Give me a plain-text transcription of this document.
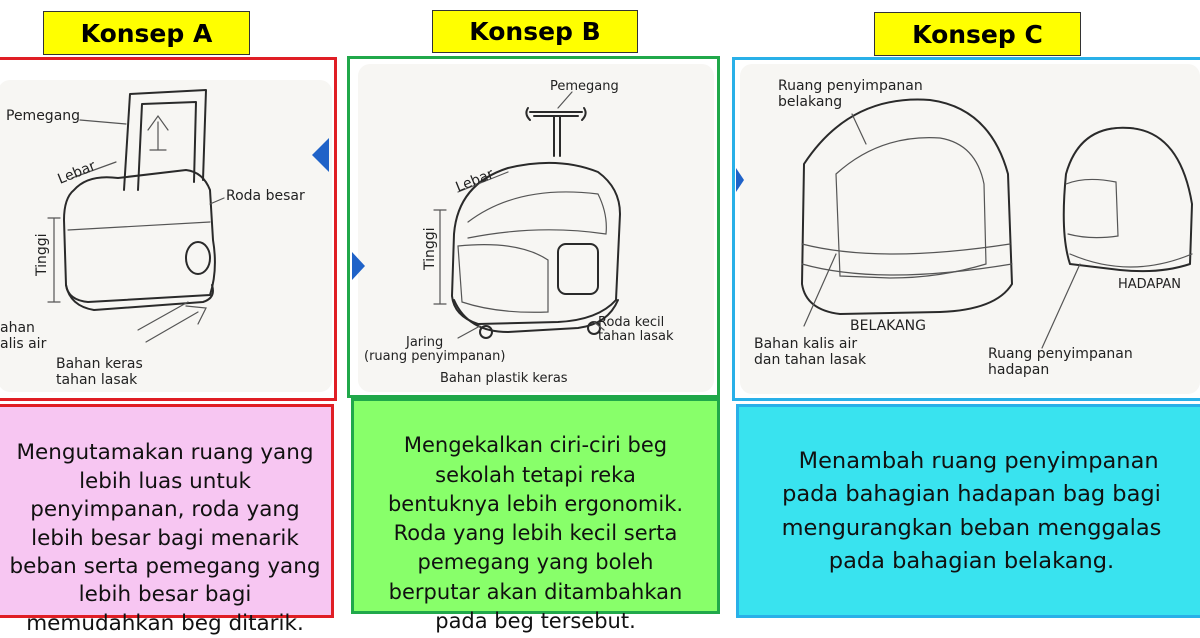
Konsep A
Pemegang
Lebar
Tinggi
Roda besar
Bahan keras
tahan lasak
ahan
alis air

Mengutamakan ruang yang
lebih luas untuk
penyimpanan, roda yang
lebih besar bagi menarik
beban serta pemegang yang
lebih besar bagi
memudahkan beg ditarik.

Konsep B
Pemegang
Lebar
Tinggi
Roda kecil
tahan lasak
Jaring
(ruang penyimpanan)
Bahan plastik keras

Mengekalkan ciri-ciri beg
sekolah tetapi reka
bentuknya lebih ergonomik.
Roda yang lebih kecil serta
pemegang yang boleh
berputar akan ditambahkan
pada beg tersebut.

Konsep C
Ruang penyimpanan
belakang
BELAKANG
HADAPAN
Bahan kalis air
dan tahan lasak	Ruang penyimpanan
hadapan

Menambah ruang penyimpanan
pada bahagian hadapan bag bagi
mengurangkan beban menggalas
pada bahagian belakang.
